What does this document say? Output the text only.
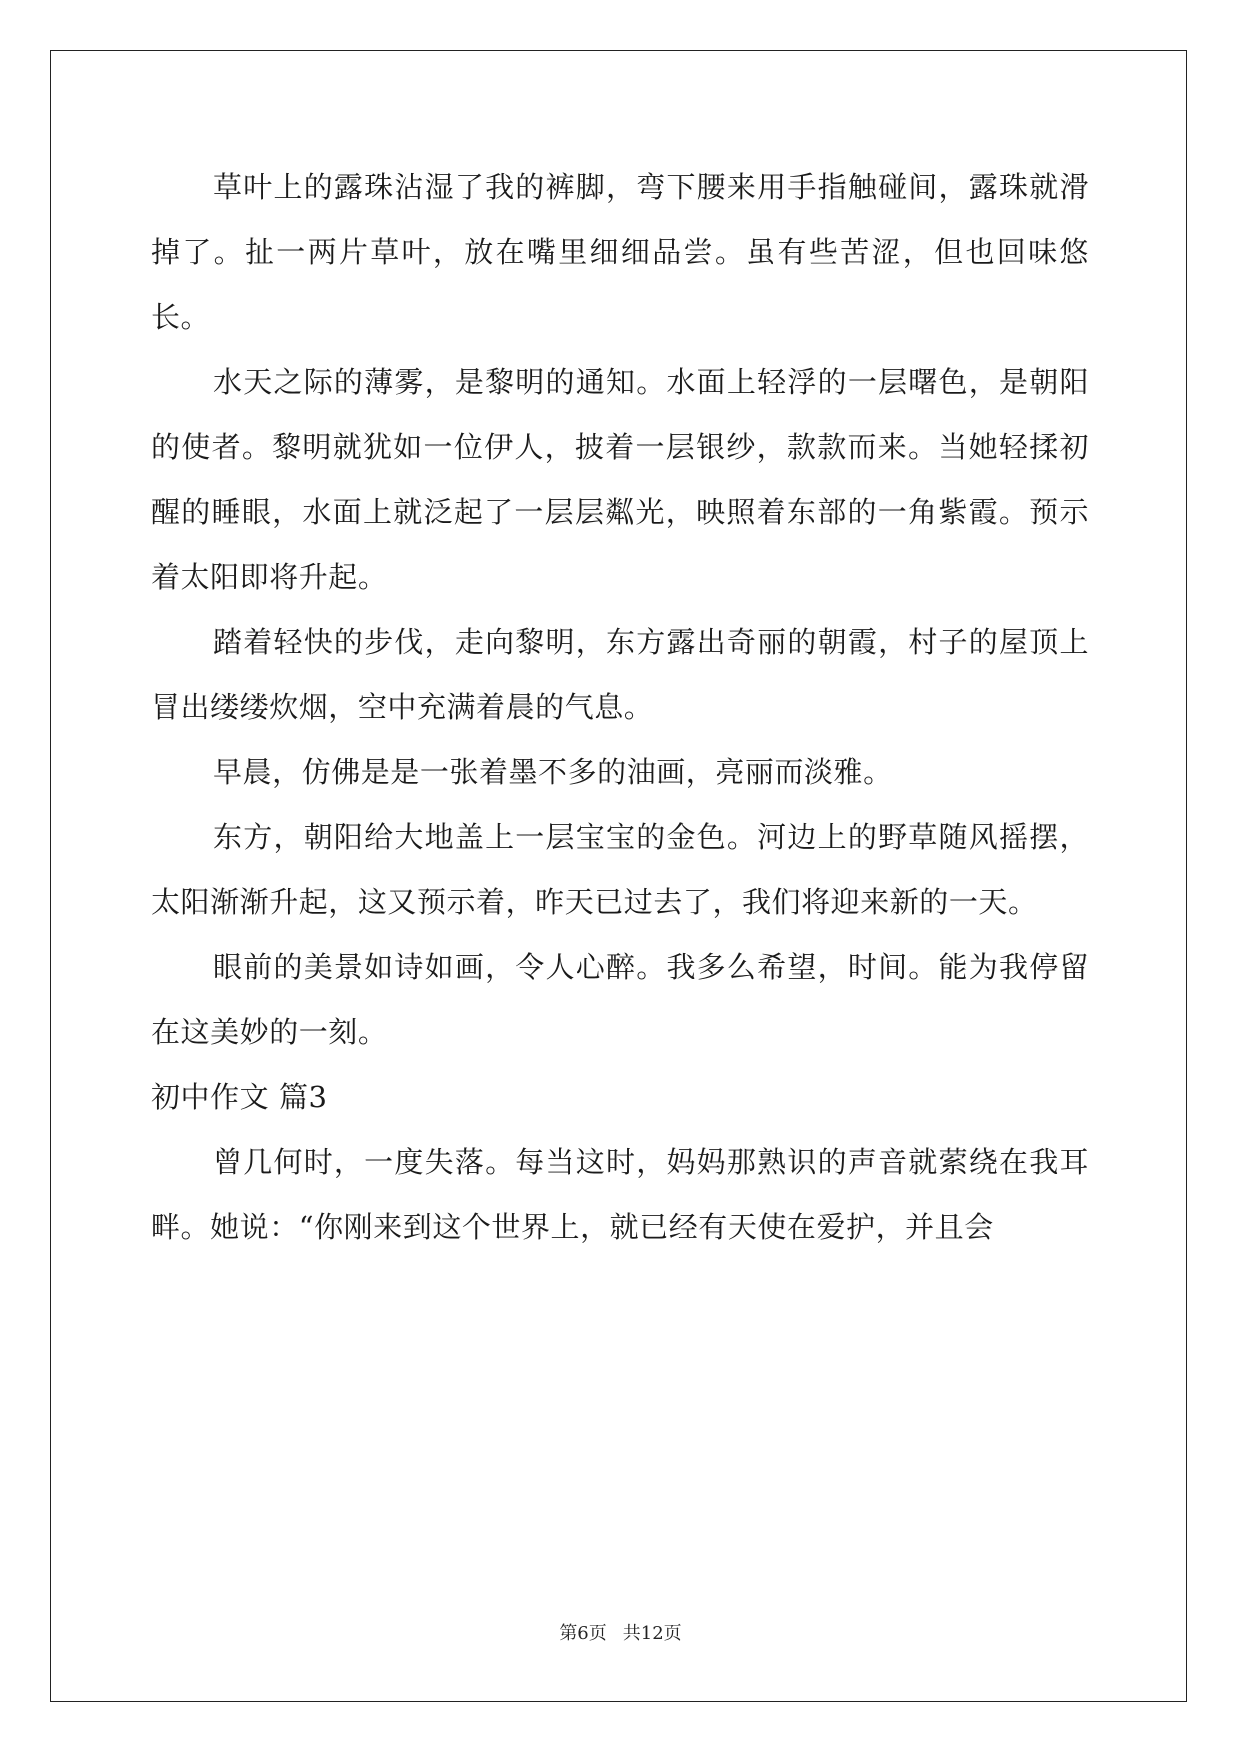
草叶上的露珠沾湿了我的裤脚，弯下腰来用手指触碰间，露珠就滑掉了。扯一两片草叶，放在嘴里细细品尝。虽有些苦涩，但也回味悠长。

水天之际的薄雾，是黎明的通知。水面上轻浮的一层曙色，是朝阳的使者。黎明就犹如一位伊人，披着一层银纱，款款而来。当她轻揉初醒的睡眼，水面上就泛起了一层层粼光，映照着东部的一角紫霞。预示着太阳即将升起。

踏着轻快的步伐，走向黎明，东方露出奇丽的朝霞，村子的屋顶上冒出缕缕炊烟，空中充满着晨的气息。

早晨，仿佛是是一张着墨不多的油画，亮丽而淡雅。

东方，朝阳给大地盖上一层宝宝的金色。河边上的野草随风摇摆，太阳渐渐升起，这又预示着，昨天已过去了，我们将迎来新的一天。

眼前的美景如诗如画，令人心醉。我多么希望，时间。能为我停留在这美妙的一刻。

初中作文 篇3

曾几何时，一度失落。每当这时，妈妈那熟识的声音就萦绕在我耳畔。她说：“你刚来到这个世界上，就已经有天使在爱护，并且会

第6页 共12页
